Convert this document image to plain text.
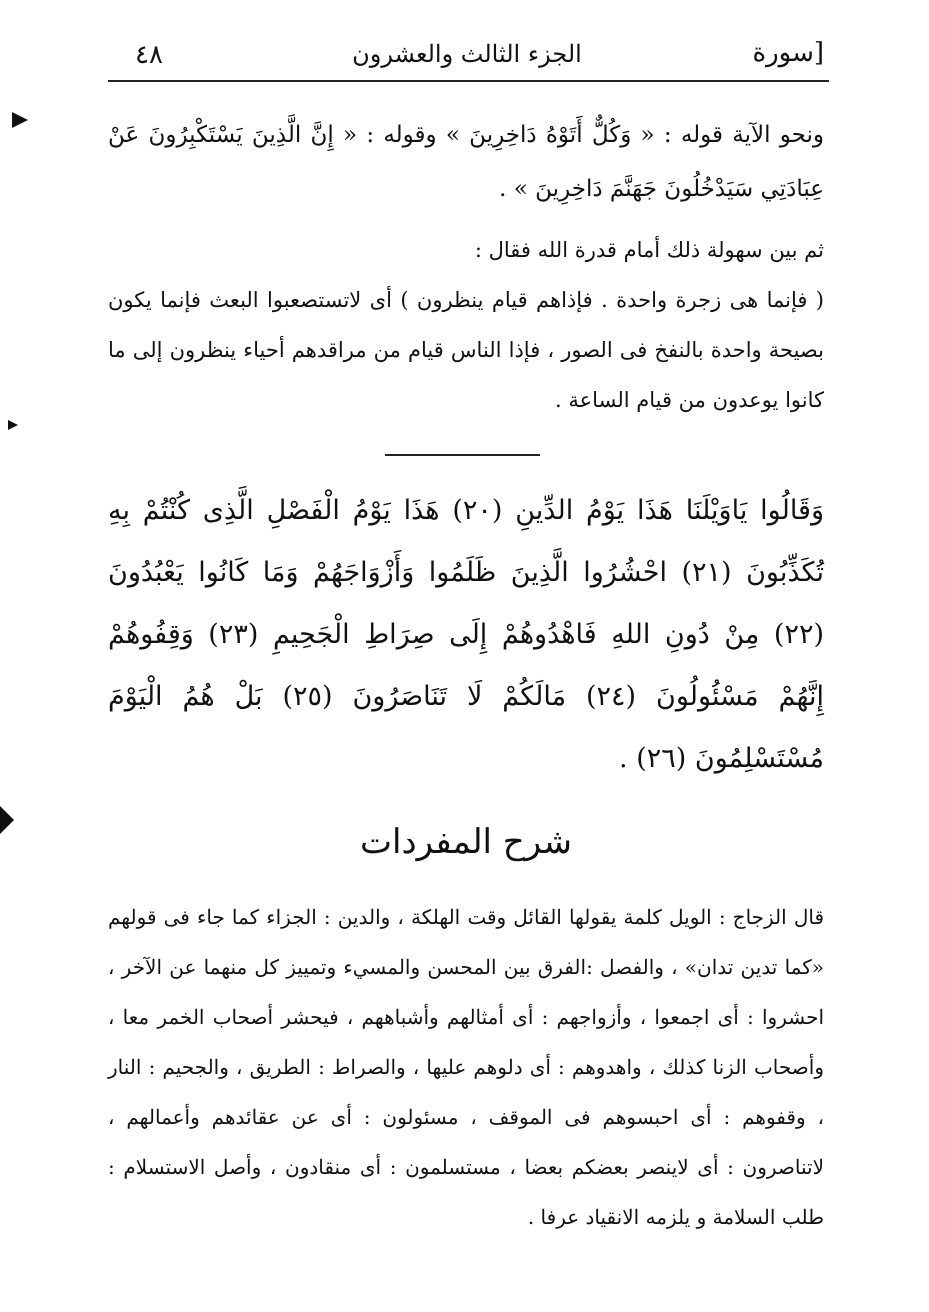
٤٨	الجزء الثالث والعشرون	[سورة

ونحو الآية قوله : « وَكُلٌّ أَتَوْهُ دَاخِرِينَ » وقوله : « إِنَّ الَّذِينَ يَسْتَكْبِرُونَ عَنْ عِبَادَتِي سَيَدْخُلُونَ جَهَنَّمَ دَاخِرِينَ » .

ثم بين سهولة ذلك أمام قدرة الله فقال :

( فإنما هى زجرة واحدة . فإذاهم قيام ينظرون ) أى لاتستصعبوا البعث فإنما يكون بصيحة واحدة بالنفخ فى الصور ، فإذا الناس قيام من مراقدهم أحياء ينظرون إلى ما كانوا يوعدون من قيام الساعة .

وَقَالُوا يَاوَيْلَنَا هَذَا يَوْمُ الدِّينِ (٢٠) هَذَا يَوْمُ الْفَصْلِ الَّذِى كُنْتُمْ بِهِ تُكَذِّبُونَ (٢١) احْشُرُوا الَّذِينَ ظَلَمُوا وَأَزْوَاجَهُمْ وَمَا كَانُوا يَعْبُدُونَ (٢٢) مِنْ دُونِ اللهِ فَاهْدُوهُمْ إِلَى صِرَاطِ الْجَحِيمِ (٢٣) وَقِفُوهُمْ إِنَّهُمْ مَسْئُولُونَ (٢٤) مَالَكُمْ لَا تَنَاصَرُونَ (٢٥) بَلْ هُمُ الْيَوْمَ مُسْتَسْلِمُونَ (٢٦) .

شرح المفردات

قال الزجاج : الويل كلمة يقولها القائل وقت الهلكة ، والدين : الجزاء كما جاء فى قولهم «كما تدين تدان» ، والفصل :الفرق بين المحسن والمسيء وتمييز كل منهما عن الآخر ، احشروا : أى اجمعوا ، وأزواجهم : أى أمثالهم وأشباههم ، فيحشر أصحاب الخمر معا ، وأصحاب الزنا كذلك ، واهدوهم : أى دلوهم عليها ، والصراط : الطريق ، والجحيم : النار ، وقفوهم : أى احبسوهم فى الموقف ، مسئولون : أى عن عقائدهم وأعمالهم ، لاتناصرون : أى لاينصر بعضكم بعضا ، مستسلمون : أى منقادون ، وأصل الاستسلام : طلب السلامة و يلزمه الانقياد عرفا .
